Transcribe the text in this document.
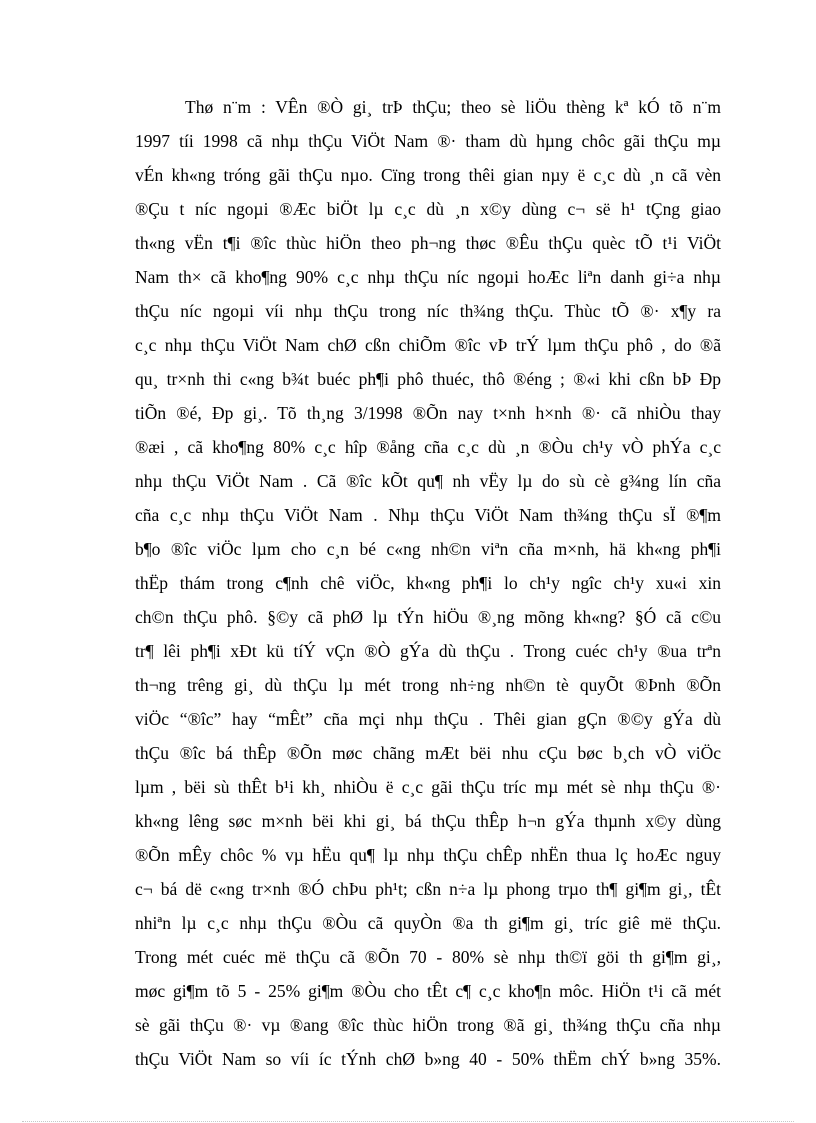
Thø n¨m : VÊn ®Ò gi¸ trÞ thÇu; theo sè liÖu thèng kª kÓ tõ n¨m
1997 tíi 1998 cã nhµ thÇu ViÖt Nam ®· tham dù hµng chôc gãi thÇu mµ
vÉn kh«ng tróng gãi thÇu nµo. Cïng trong thêi gian nµy ë c¸c dù ¸n cã vèn
®Çu t níc ngoµi ®Æc biÖt lµ c¸c dù ¸n x©y dùng c¬ së h¹ tÇng giao
th«ng vËn t¶i ®îc thùc hiÖn theo ph¬ng thøc ®Êu thÇu quèc tÕ t¹i ViÖt
Nam th× cã kho¶ng 90% c¸c nhµ thÇu níc ngoµi hoÆc liªn danh gi÷a nhµ
thÇu níc ngoµi víi nhµ thÇu trong níc th¾ng thÇu. Thùc tÕ ®· x¶y ra
c¸c nhµ thÇu ViÖt Nam chØ cßn chiÕm ®îc vÞ trÝ lµm thÇu phô , do ®ã
qu¸ tr×nh thi c«ng b¾t buéc ph¶i phô thuéc, thô ®éng ; ®«i khi cßn bÞ Ðp
tiÕn ®é, Ðp gi¸. Tõ th¸ng 3/1998 ®Õn nay t×nh h×nh ®· cã nhiÒu thay
®æi , cã kho¶ng 80% c¸c hîp ®ång cña c¸c dù ¸n ®Òu ch¹y vÒ phÝa c¸c
nhµ thÇu ViÖt Nam . Cã ®îc kÕt qu¶ nh vËy lµ do sù cè g¾ng lín cña
cña c¸c nhµ thÇu ViÖt Nam . Nhµ thÇu ViÖt Nam th¾ng thÇu sÏ ®¶m
b¶o ®îc viÖc lµm cho c¸n bé c«ng nh©n viªn cña m×nh, hä kh«ng ph¶i
thËp thám trong c¶nh chê viÖc, kh«ng ph¶i lo ch¹y ngîc ch¹y xu«i xin
ch©n thÇu phô. §©y cã phØ lµ tÝn hiÖu ®¸ng mõng kh«ng? §Ó cã c©u
tr¶ lêi ph¶i xÐt kü tíÝ vÇn ®Ò gÝa dù thÇu . Trong cuéc ch¹y ®ua trªn
th¬ng trêng gi¸ dù thÇu lµ mét trong nh÷ng nh©n tè quyÕt ®Þnh ®Õn
viÖc “®îc” hay “mÊt” cña mçi nhµ thÇu . Thêi gian gÇn ®©y gÝa dù
thÇu ®îc bá thÊp ®Õn møc chãng mÆt bëi nhu cÇu bøc b¸ch vÒ viÖc
lµm , bëi sù thÊt b¹i kh¸ nhiÒu ë c¸c gãi thÇu tríc mµ mét sè nhµ thÇu ®·
kh«ng lêng søc m×nh bëi khi gi¸ bá thÇu thÊp h¬n gÝa thµnh x©y dùng
®Õn mÊy chôc % vµ hËu qu¶ lµ nhµ thÇu chÊp nhËn thua lç hoÆc nguy
c¬ bá dë c«ng tr×nh ®Ó chÞu ph¹t; cßn n÷a lµ phong trµo th¶ gi¶m gi¸, tÊt
nhiªn lµ c¸c nhµ thÇu ®Òu cã quyÒn ®a th gi¶m gi¸ tríc giê më thÇu.
Trong mét cuéc më thÇu cã ®Õn 70 - 80% sè nhµ th©ï göi th gi¶m gi¸,
møc gi¶m tõ 5 - 25% gi¶m ®Òu cho tÊt c¶ c¸c kho¶n môc. HiÖn t¹i cã mét
sè gãi thÇu ®· vµ ®ang ®îc thùc hiÖn trong ®ã gi¸ th¾ng thÇu cña nhµ
thÇu ViÖt Nam so víi íc tÝnh chØ b»ng 40 - 50% thËm chÝ b»ng 35%.
